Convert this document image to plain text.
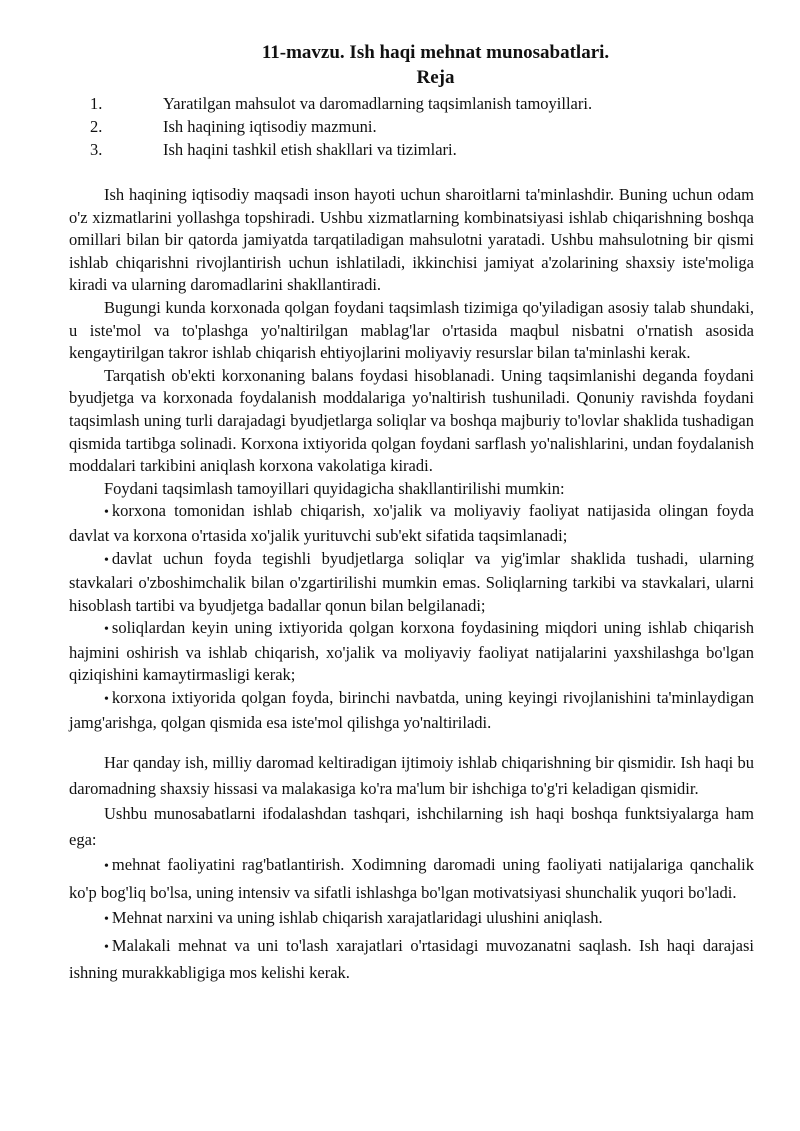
11-mavzu. Ish haqi mehnat munosabatlari.
Reja
1.	Yaratilgan mahsulot va daromadlarning taqsimlanish tamoyillari.
2.	Ish haqining iqtisodiy mazmuni.
3.	Ish haqini tashkil etish shakllari va tizimlari.

Ish haqining iqtisodiy maqsadi inson hayoti uchun sharoitlarni ta'minlashdir. Buning uchun odam o'z xizmatlarini yollashga topshiradi. Ushbu xizmatlarning kombinatsiyasi ishlab chiqarishning boshqa omillari bilan bir qatorda jamiyatda tarqatiladigan mahsulotni yaratadi. Ushbu mahsulotning bir qismi ishlab chiqarishni rivojlantirish uchun ishlatiladi, ikkinchisi jamiyat a'zolarining shaxsiy iste'moliga kiradi va ularning daromadlarini shakllantiradi.

Bugungi kunda korxonada qolgan foydani taqsimlash tizimiga qo'yiladigan asosiy talab shundaki, u iste'mol va to'plashga yo'naltirilgan mablag'lar o'rtasida maqbul nisbatni o'rnatish asosida kengaytirilgan takror ishlab chiqarish ehtiyojlarini moliyaviy resurslar bilan ta'minlashi kerak.

Tarqatish ob'ekti korxonaning balans foydasi hisoblanadi. Uning taqsimlanishi deganda foydani byudjetga va korxonada foydalanish moddalariga yo'naltirish tushuniladi. Qonuniy ravishda foydani taqsimlash uning turli darajadagi byudjetlarga soliqlar va boshqa majburiy to'lovlar shaklida tushadigan qismida tartibga solinadi. Korxona ixtiyorida qolgan foydani sarflash yo'nalishlarini, undan foydalanish moddalari tarkibini aniqlash korxona vakolatiga kiradi.

Foydani taqsimlash tamoyillari quyidagicha shakllantirilishi mumkin:

• korxona tomonidan ishlab chiqarish, xo'jalik va moliyaviy faoliyat natijasida olingan foyda davlat va korxona o'rtasida xo'jalik yurituvchi sub'ekt sifatida taqsimlanadi;

• davlat uchun foyda tegishli byudjetlarga soliqlar va yig'imlar shaklida tushadi, ularning stavkalari o'zboshimchalik bilan o'zgartirilishi mumkin emas. Soliqlarning tarkibi va stavkalari, ularni hisoblash tartibi va byudjetga badallar qonun bilan belgilanadi;

• soliqlardan keyin uning ixtiyorida qolgan korxona foydasining miqdori uning ishlab chiqarish hajmini oshirish va ishlab chiqarish, xo'jalik va moliyaviy faoliyat natijalarini yaxshilashga bo'lgan qiziqishini kamaytirmasligi kerak;

• korxona ixtiyorida qolgan foyda, birinchi navbatda, uning keyingi rivojlanishini ta'minlaydigan jamg'arishga, qolgan qismida esa iste'mol qilishga yo'naltiriladi.

Har qanday ish, milliy daromad keltiradigan ijtimoiy ishlab chiqarishning bir qismidir. Ish haqi bu daromadning shaxsiy hissasi va malakasiga ko'ra ma'lum bir ishchiga to'g'ri keladigan qismidir.

Ushbu munosabatlarni ifodalashdan tashqari, ishchilarning ish haqi boshqa funktsiyalarga ham ega:

• mehnat faoliyatini rag'batlantirish. Xodimning daromadi uning faoliyati natijalariga qanchalik ko'p bog'liq bo'lsa, uning intensiv va sifatli ishlashga bo'lgan motivatsiyasi shunchalik yuqori bo'ladi.

• Mehnat narxini va uning ishlab chiqarish xarajatlaridagi ulushini aniqlash.

• Malakali mehnat va uni to'lash xarajatlari o'rtasidagi muvozanatni saqlash. Ish haqi darajasi ishning murakkabligiga mos kelishi kerak.
